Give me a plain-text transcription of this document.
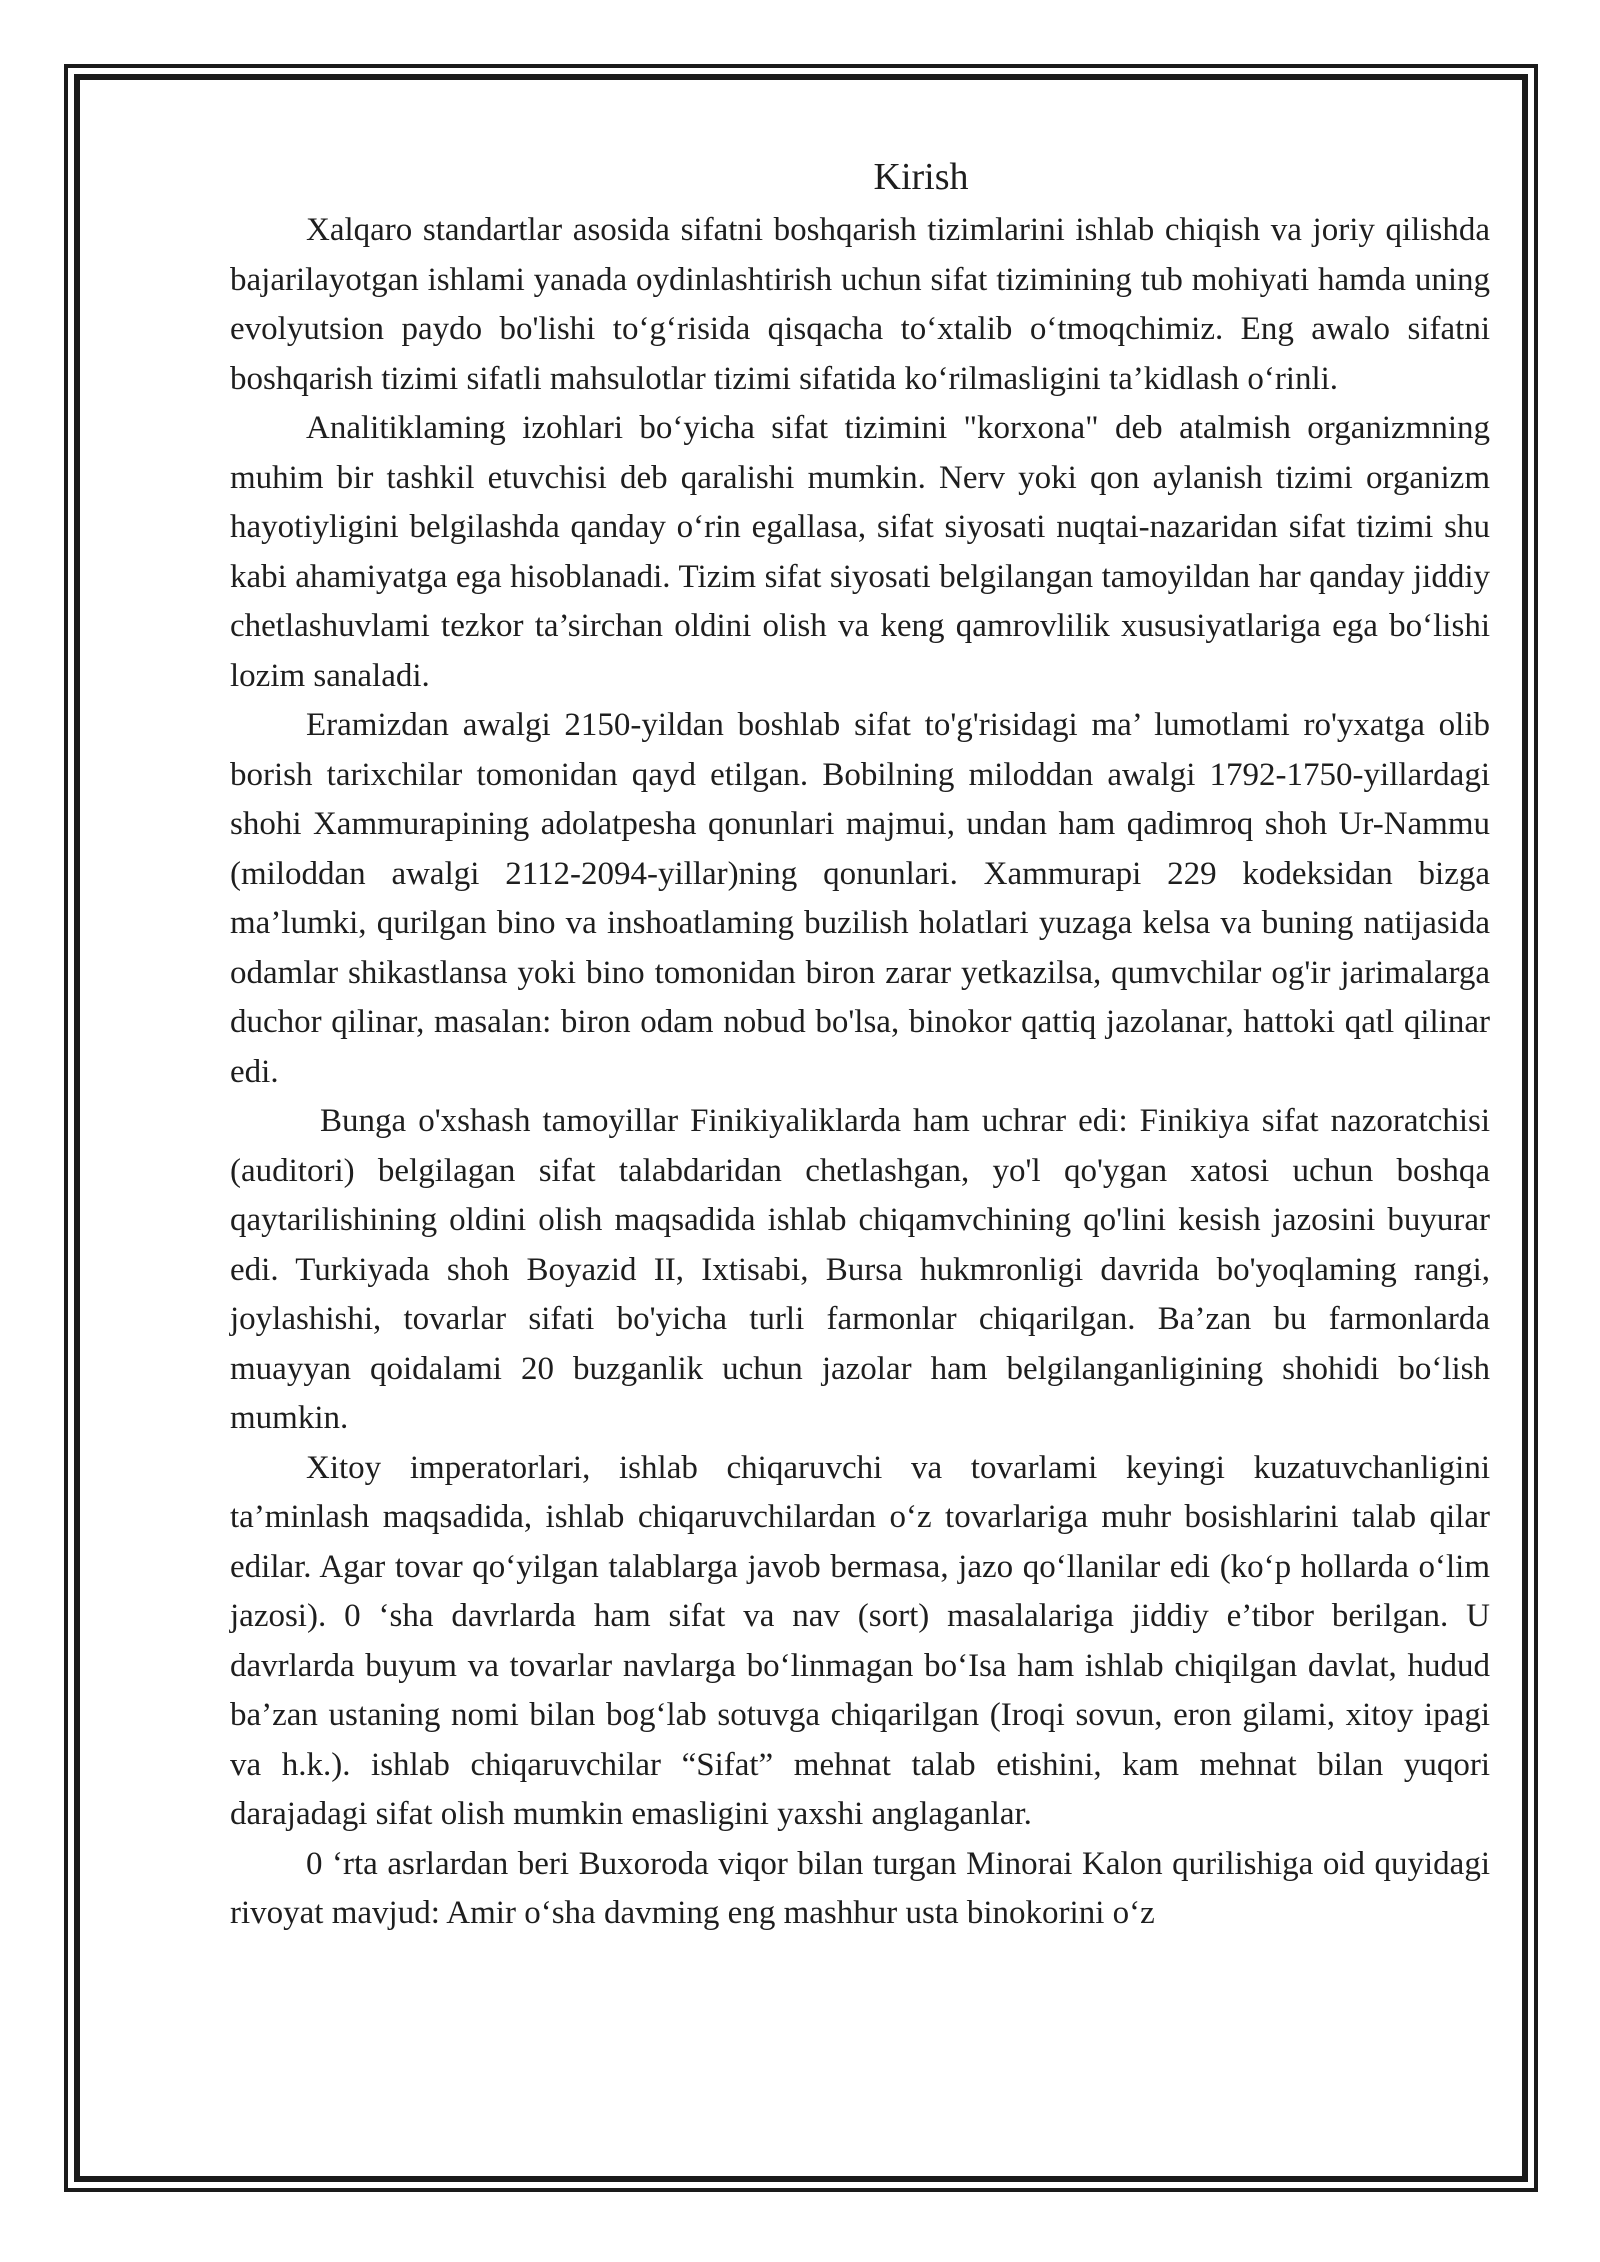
Kirish

Xalqaro standartlar asosida sifatni boshqarish tizimlarini ishlab chiqish va joriy qilishda bajarilayotgan ishlami yanada oydinlashtirish uchun sifat tizimining tub mohiyati hamda uning evolyutsion paydo bo'lishi to‘g‘risida qisqacha to‘xtalib o‘tmoqchimiz. Eng awalo sifatni boshqarish tizimi sifatli mahsulotlar tizimi sifatida ko‘rilmasligini ta’kidlash o‘rinli.

Analitiklaming izohlari bo‘yicha sifat tizimini "korxona" deb atalmish organizmning muhim bir tashkil etuvchisi deb qaralishi mumkin. Nerv yoki qon aylanish tizimi organizm hayotiyligini belgilashda qanday o‘rin egallasa, sifat siyosati nuqtai-nazaridan sifat tizimi shu kabi ahamiyatga ega hisoblanadi. Tizim sifat siyosati belgilangan tamoyildan har qanday jiddiy chetlashuvlami tezkor ta’sirchan oldini olish va keng qamrovlilik xususiyatlariga ega bo‘lishi lozim sanaladi.

Eramizdan awalgi 2150-yildan boshlab sifat to'g'risidagi ma’ lumotlami ro'yxatga olib borish tarixchilar tomonidan qayd etilgan. Bobilning miloddan awalgi 1792-1750-yillardagi shohi Xammurapining adolatpesha qonunlari majmui, undan ham qadimroq shoh Ur-Nammu (miloddan awalgi 2112-2094-yillar)ning qonunlari. Xammurapi 229 kodeksidan bizga ma’lumki, qurilgan bino va inshoatlaming buzilish holatlari yuzaga kelsa va buning natijasida odamlar shikastlansa yoki bino tomonidan biron zarar yetkazilsa, qumvchilar og'ir jarimalarga duchor qilinar, masalan: biron odam nobud bo'lsa, binokor qattiq jazolanar, hattoki qatl qilinar edi.

Bunga o'xshash tamoyillar Finikiyaliklarda ham uchrar edi: Finikiya sifat nazoratchisi (auditori) belgilagan sifat talabdaridan chetlashgan, yo'l qo'ygan xatosi uchun boshqa qaytarilishining oldini olish maqsadida ishlab chiqamvchining qo'lini kesish jazosini buyurar edi. Turkiyada shoh Boyazid II, Ixtisabi, Bursa hukmronligi davrida bo'yoqlaming rangi, joylashishi, tovarlar sifati bo'yicha turli farmonlar chiqarilgan. Ba’zan bu farmonlarda muayyan qoidalami 20 buzganlik uchun jazolar ham belgilanganligining shohidi bo‘lish mumkin.

Xitoy imperatorlari, ishlab chiqaruvchi va tovarlami keyingi kuzatuvchanligini ta’minlash maqsadida, ishlab chiqaruvchilardan o‘z tovarlariga muhr bosishlarini talab qilar edilar. Agar tovar qo‘yilgan talablarga javob bermasa, jazo qo‘llanilar edi (ko‘p hollarda o‘lim jazosi). 0 ‘sha davrlarda ham sifat va nav (sort) masalalariga jiddiy e’tibor berilgan. U davrlarda buyum va tovarlar navlarga bo‘linmagan bo‘Isa ham ishlab chiqilgan davlat, hudud ba’zan ustaning nomi bilan bog‘lab sotuvga chiqarilgan (Iroqi sovun, eron gilami, xitoy ipagi va h.k.). ishlab chiqaruvchilar “Sifat” mehnat talab etishini, kam mehnat bilan yuqori darajadagi sifat olish mumkin emasligini yaxshi anglaganlar.

0 ‘rta asrlardan beri Buxoroda viqor bilan turgan Minorai Kalon qurilishiga oid quyidagi rivoyat mavjud: Amir o‘sha davming eng mashhur usta binokorini o‘z
